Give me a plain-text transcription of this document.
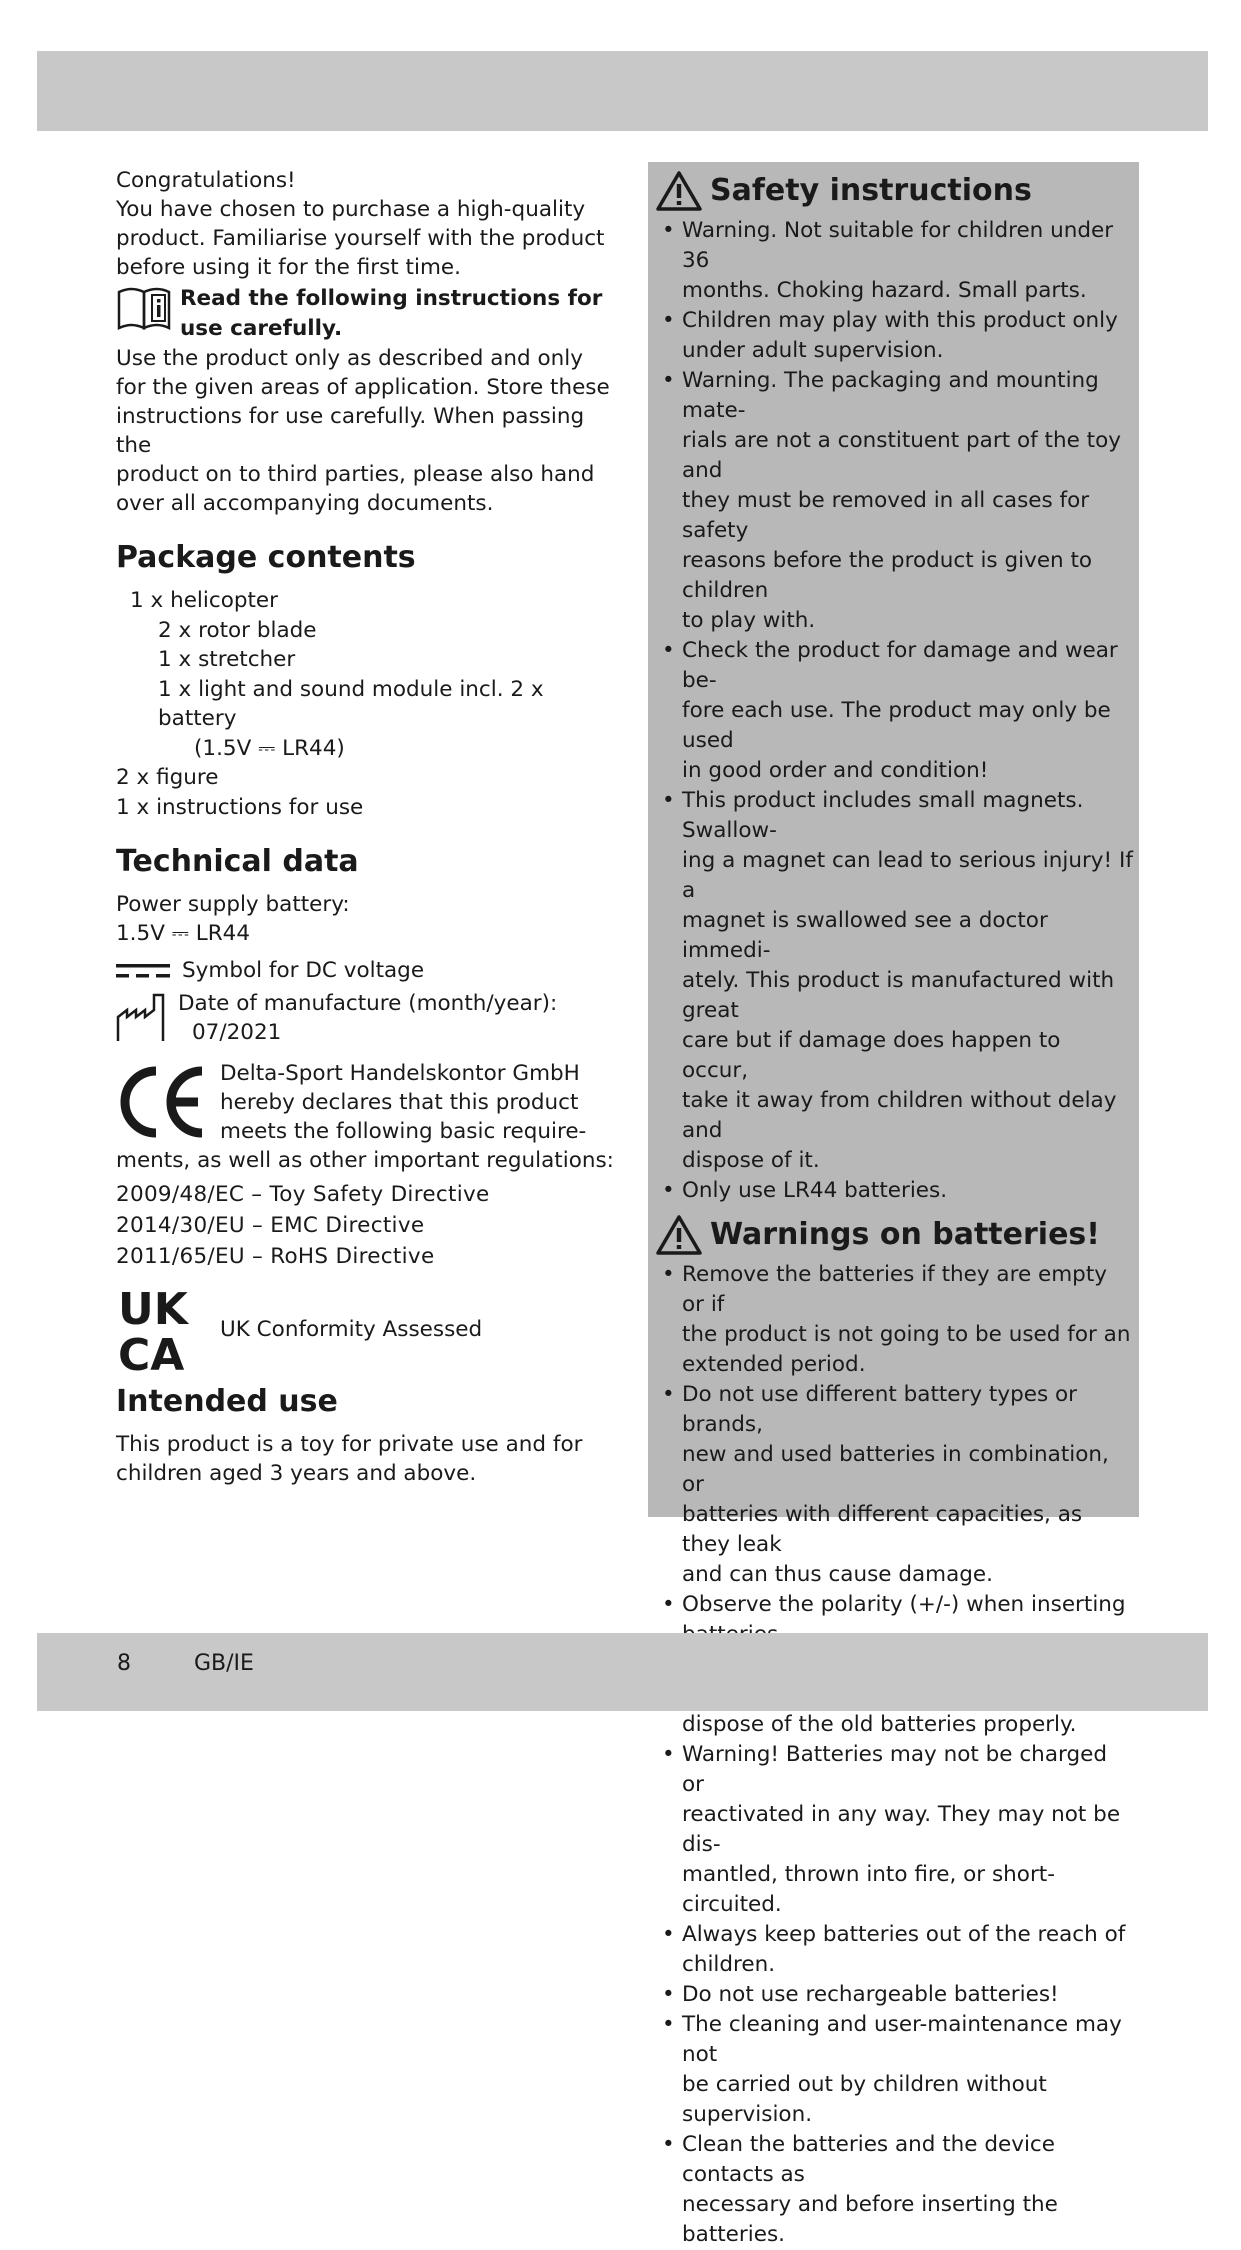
Congratulations!

You have chosen to purchase a high-quality

product. Familiarise yourself with the product

before using it for the first time.

Read the following instructions for

use carefully.

Use the product only as described and only

for the given areas of application. Store these

instructions for use carefully. When passing the

product on to third parties, please also hand

over all accompanying documents.

Package contents

1 x helicopter

2 x rotor blade

1 x stretcher

1 x light and sound module incl. 2 x battery

(1.5V ⎓ LR44)

2 x figure

1 x instructions for use

Technical data

Power supply battery:

1.5V ⎓ LR44

Symbol for DC voltage

Date of manufacture (month/year):

07/2021

Delta-Sport Handelskontor GmbH

hereby declares that this product

meets the following basic require-

ments, as well as other important regulations:

2009/48/EC – Toy Safety Directive

2014/30/EU – EMC Directive

2011/65/EU – RoHS Directive

UK
CA
UK Conformity Assessed
Intended use

This product is a toy for private use and for

children aged 3 years and above.

Safety instructions
• Warning. Not suitable for children under 36
months. Choking hazard. Small parts.
• Children may play with this product only
under adult supervision.
• Warning. The packaging and mounting mate-
rials are not a constituent part of the toy and
they must be removed in all cases for safety
reasons before the product is given to children
to play with.
• Check the product for damage and wear be-
fore each use. The product may only be used
in good order and condition!
• This product includes small magnets. Swallow-
ing a magnet can lead to serious injury! If a
magnet is swallowed see a doctor immedi-
ately. This product is manufactured with great
care but if damage does happen to occur,
take it away from children without delay and
dispose of it.
• Only use LR44 batteries.
Warnings on batteries!
• Remove the batteries if they are empty or if
the product is not going to be used for an
extended period.
• Do not use different battery types or brands,
new and used batteries in combination, or
batteries with different capacities, as they leak
and can thus cause damage.
• Observe the polarity (+/-) when inserting
• dispose of the old batteries properly.
• Warning! Batteries may not be charged or
reactivated in any way. They may not be dis-
mantled, thrown into fire, or short-circuited.
• Always keep batteries out of the reach of
children.
• Do not use rechargeable batteries!
• The cleaning and user-maintenance may not
be carried out by children without supervision.
• Clean the batteries and the device contacts as
necessary and before inserting the batteries.
8	GB/IE
